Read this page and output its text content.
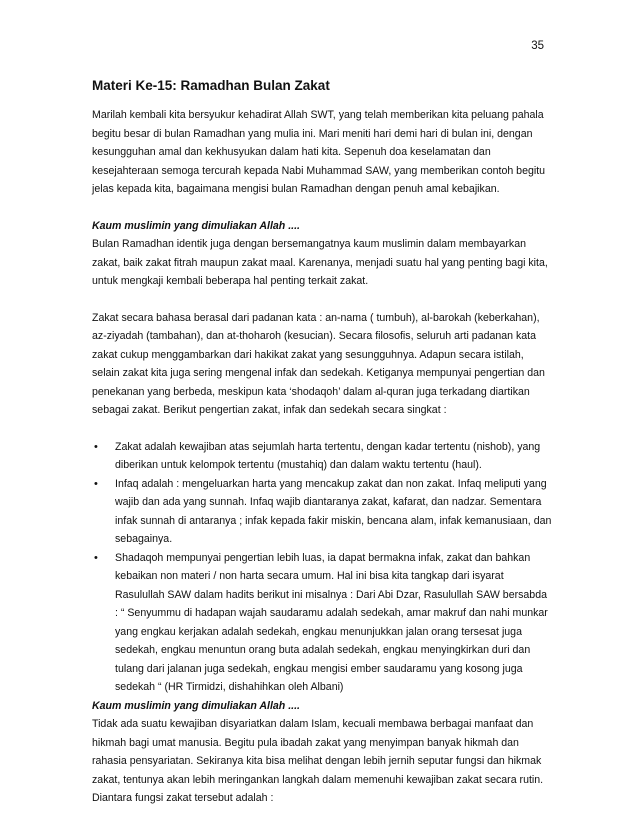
35
Materi Ke-15: Ramadhan Bulan Zakat

Marilah kembali kita bersyukur kehadirat Allah SWT, yang telah memberikan kita peluang pahala begitu besar di bulan Ramadhan yang mulia ini. Mari meniti hari demi hari di bulan ini, dengan kesungguhan amal dan kekhusyukan dalam hati kita. Sepenuh doa keselamatan dan kesejahteraan semoga tercurah kepada Nabi Muhammad SAW, yang memberikan contoh begitu jelas kepada kita, bagaimana mengisi bulan Ramadhan dengan penuh amal kebajikan.

Kaum muslimin yang dimuliakan Allah ....
Bulan Ramadhan identik juga dengan bersemangatnya kaum muslimin dalam membayarkan zakat, baik zakat fitrah maupun zakat maal. Karenanya, menjadi suatu hal yang penting bagi kita, untuk mengkaji kembali beberapa hal penting terkait zakat.

Zakat secara bahasa berasal dari padanan kata : an-nama ( tumbuh), al-barokah (keberkahan), az-ziyadah (tambahan), dan at-thoharoh (kesucian). Secara filosofis, seluruh arti padanan kata zakat cukup menggambarkan dari hakikat zakat yang sesungguhnya. Adapun secara istilah, selain zakat kita juga sering mengenal infak dan sedekah. Ketiganya mempunyai pengertian dan penekanan yang berbeda, meskipun kata ‘shodaqoh’ dalam al-quran juga terkadang diartikan sebagai zakat. Berikut pengertian zakat, infak dan sedekah secara singkat :

• Zakat adalah kewajiban atas sejumlah harta tertentu, dengan kadar tertentu (nishob), yang diberikan untuk kelompok tertentu (mustahiq) dan dalam waktu tertentu (haul).
• Infaq adalah : mengeluarkan harta yang mencakup zakat dan non zakat. Infaq meliputi yang wajib dan ada yang sunnah. Infaq wajib diantaranya zakat, kafarat, dan nadzar. Sementara infak sunnah di antaranya ; infak kepada fakir miskin, bencana alam, infak kemanusiaan, dan sebagainya.
• Shadaqoh mempunyai pengertian lebih luas, ia dapat bermakna infak, zakat dan bahkan kebaikan non materi / non harta secara umum. Hal ini bisa kita tangkap dari isyarat Rasulullah SAW dalam hadits berikut ini misalnya : Dari Abi Dzar, Rasulullah SAW bersabda : “ Senyummu di hadapan wajah saudaramu adalah sedekah, amar makruf dan nahi munkar yang engkau kerjakan adalah sedekah, engkau menunjukkan jalan orang tersesat juga sedekah, engkau menuntun orang buta adalah sedekah, engkau menyingkirkan duri dan tulang dari jalanan juga sedekah, engkau mengisi ember saudaramu yang kosong juga sedekah “ (HR Tirmidzi, dishahihkan oleh Albani)

Kaum muslimin yang dimuliakan Allah ....
Tidak ada suatu kewajiban disyariatkan dalam Islam, kecuali membawa berbagai manfaat dan hikmah bagi umat manusia. Begitu pula ibadah zakat yang menyimpan banyak hikmah dan rahasia pensyariatan. Sekiranya kita bisa melihat dengan lebih jernih seputar fungsi dan hikmak zakat, tentunya akan lebih meringankan langkah dalam memenuhi kewajiban zakat secara rutin. Diantara fungsi zakat tersebut adalah :
